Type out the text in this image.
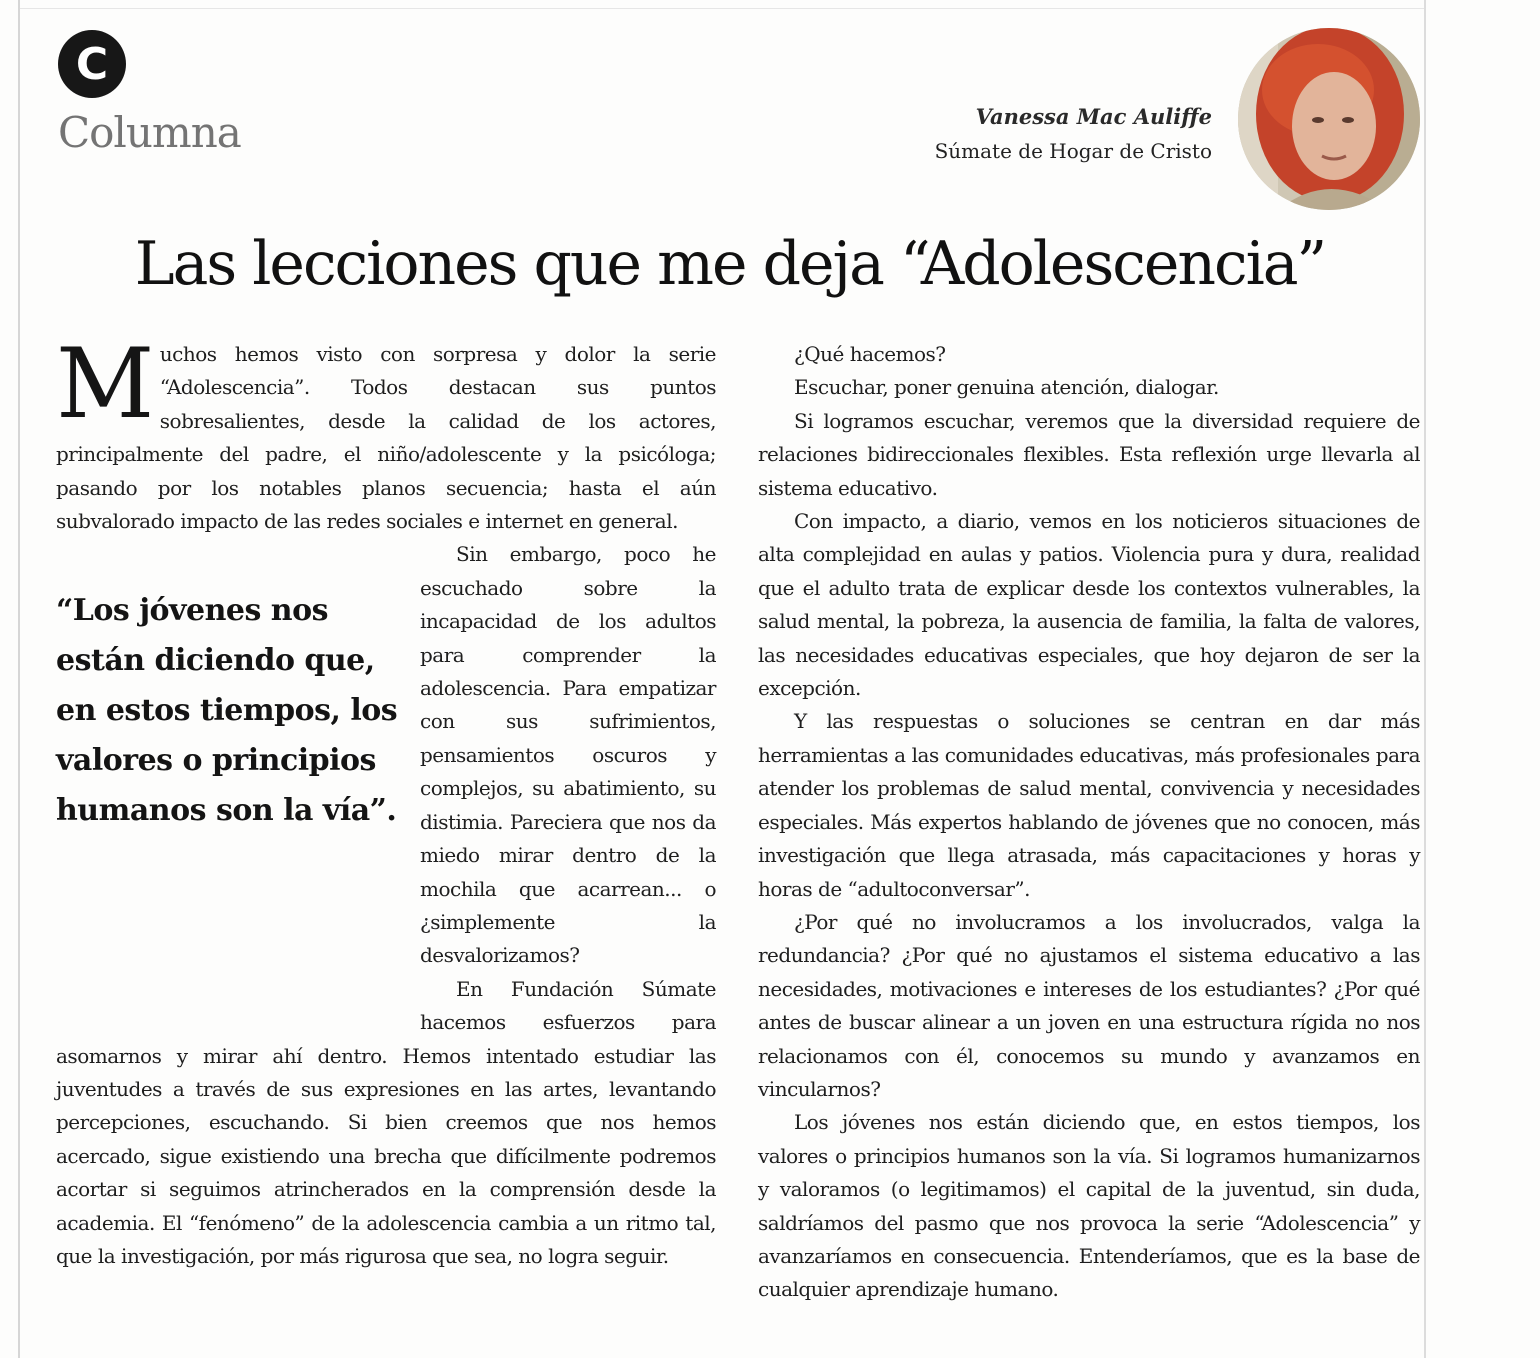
C
Columna	Vanessa Mac Auliffe
Súmate de Hogar de Cristo
Las lecciones que me deja “Adolescencia”

Muchos hemos visto con sorpresa y dolor la serie “Adolescencia”. Todos destacan sus puntos sobresalientes, desde la calidad de los actores, principalmente del padre, el niño/adolescente y la psicóloga; pasando por los notables planos secuencia; hasta el aún subvalorado impacto de las redes sociales e internet en general.

“Los jóvenes nos están diciendo que, en estos tiempos, los valores o principios humanos son la vía”.

Sin embargo, poco he escuchado sobre la incapacidad de los adultos para comprender la adolescencia. Para empatizar con sus sufrimientos, pensamientos oscuros y complejos, su abatimiento, su distimia. Pareciera que nos da miedo mirar dentro de la mochila que acarrean... o ¿simplemente la desvalorizamos?

En Fundación Súmate hacemos esfuerzos para asomarnos y mirar ahí dentro. Hemos intentado estudiar las juventudes a través de sus expresiones en las artes, levantando percepciones, escuchando. Si bien creemos que nos hemos acercado, sigue existiendo una brecha que difícilmente podremos acortar si seguimos atrincherados en la comprensión desde la academia. El “fenómeno” de la adolescencia cambia a un ritmo tal, que la investigación, por más rigurosa que sea, no logra seguir.

¿Qué hacemos?

Escuchar, poner genuina atención, dialogar.

Si logramos escuchar, veremos que la diversidad requiere de relaciones bidireccionales flexibles. Esta reflexión urge llevarla al sistema educativo.

Con impacto, a diario, vemos en los noticieros situaciones de alta complejidad en aulas y patios. Violencia pura y dura, realidad que el adulto trata de explicar desde los contextos vulnerables, la salud mental, la pobreza, la ausencia de familia, la falta de valores, las necesidades educativas especiales, que hoy dejaron de ser la excepción.

Y las respuestas o soluciones se centran en dar más herramientas a las comunidades educativas, más profesionales para atender los problemas de salud mental, convivencia y necesidades especiales. Más expertos hablando de jóvenes que no conocen, más investigación que llega atrasada, más capacitaciones y horas y horas de “adultoconversar”.

¿Por qué no involucramos a los involucrados, valga la redundancia? ¿Por qué no ajustamos el sistema educativo a las necesidades, motivaciones e intereses de los estudiantes? ¿Por qué antes de buscar alinear a un joven en una estructura rígida no nos relacionamos con él, conocemos su mundo y avanzamos en vincularnos?

Los jóvenes nos están diciendo que, en estos tiempos, los valores o principios humanos son la vía. Si logramos humanizarnos y valoramos (o legitimamos) el capital de la juventud, sin duda, saldríamos del pasmo que nos provoca la serie “Adolescencia” y avanzaríamos en consecuencia. Entenderíamos, que es la base de cualquier aprendizaje humano.
